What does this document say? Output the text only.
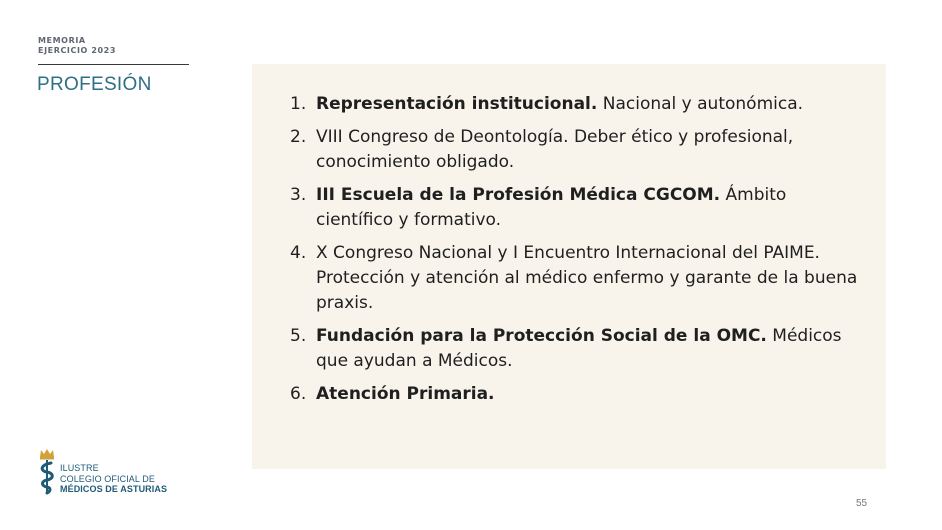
MEMORIA
EJERCICIO 2023
PROFESIÓN
1. Representación institucional. Nacional y autonómica.
2. VIII Congreso de Deontología. Deber ético y profesional, conocimiento obligado.
3. III Escuela de la Profesión Médica CGCOM. Ámbito científico y formativo.
4. X Congreso Nacional y I Encuentro Internacional del PAIME. Protección y atención al médico enfermo y garante de la buena praxis.
5. Fundación para la Protección Social de la OMC. Médicos que ayudan a Médicos.
6. Atención Primaria.
ILUSTRE
COLEGIO OFICIAL DE
MÉDICOS DE ASTURIAS
55
